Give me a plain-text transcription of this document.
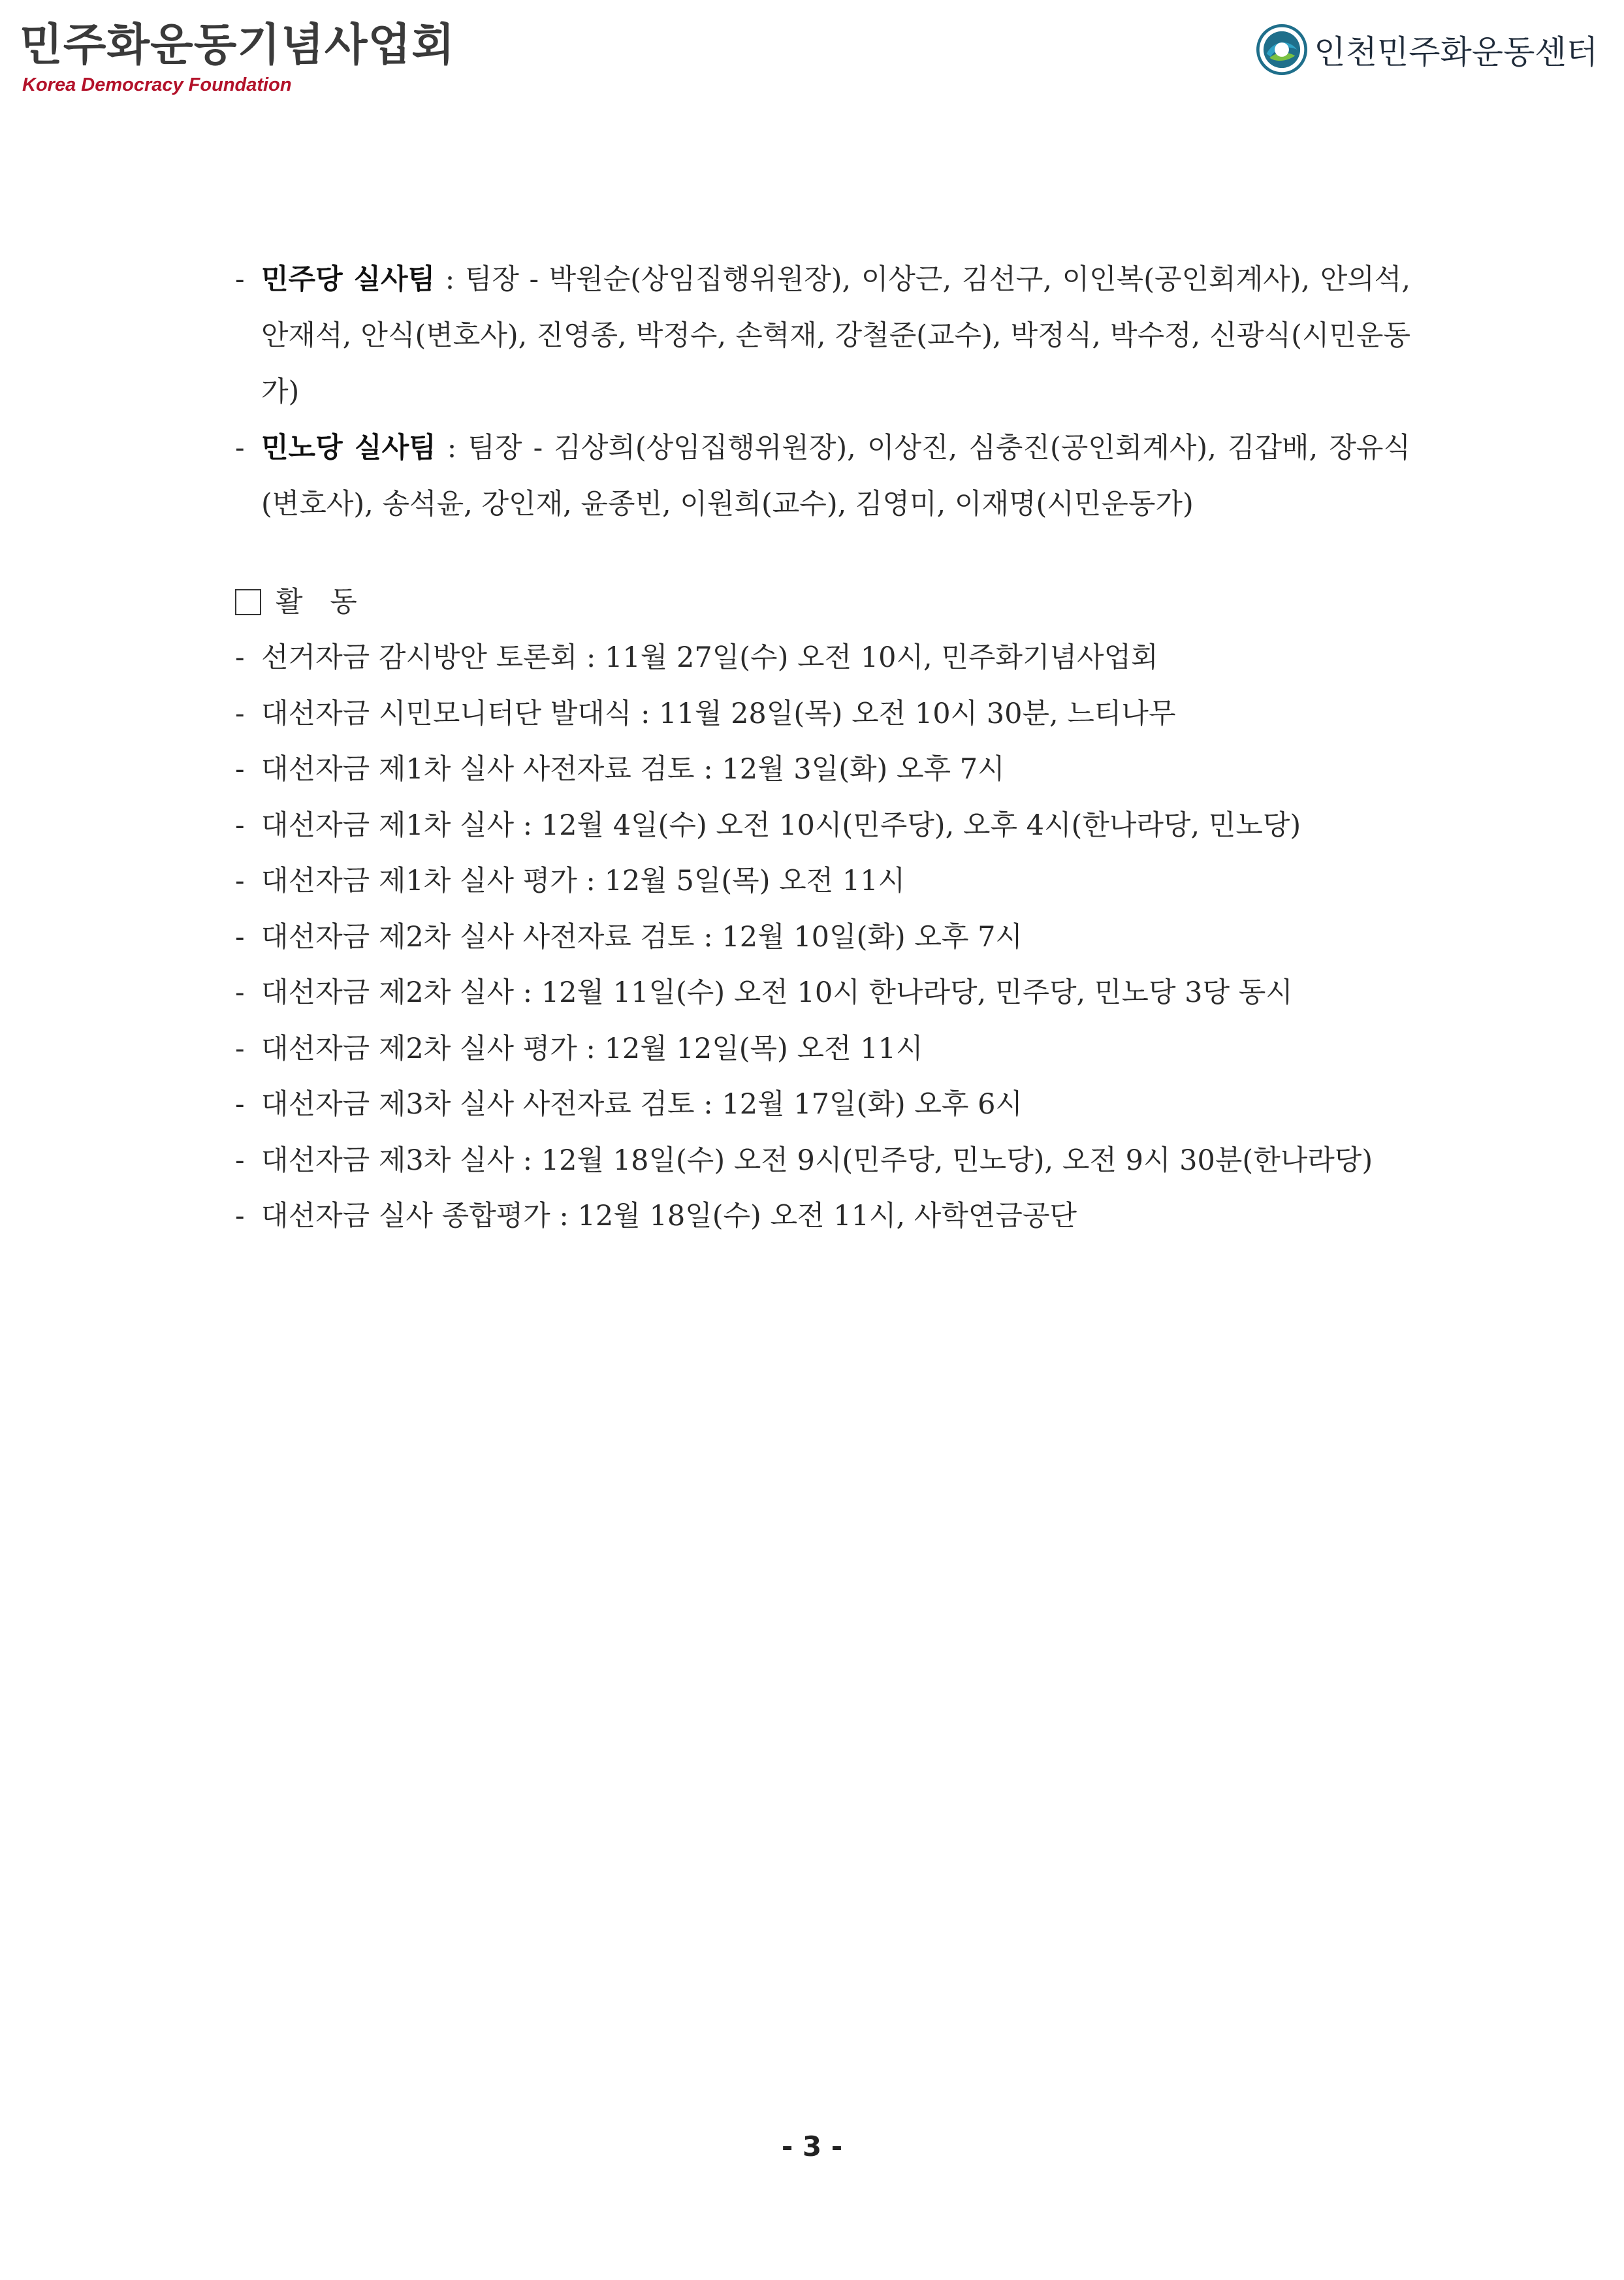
민주화운동기념사업회
Korea Democracy Foundation
인천민주화운동센터
- 민주당 실사팀 : 팀장 - 박원순(상임집행위원장), 이상근, 김선구, 이인복(공인회계사), 안의석, 안재석, 안식(변호사), 진영종, 박정수, 손혁재, 강철준(교수), 박정식, 박수정, 신광식(시민운동가)
- 민노당 실사팀 : 팀장 - 김상희(상임집행위원장), 이상진, 심충진(공인회계사), 김갑배, 장유식(변호사), 송석윤, 강인재, 윤종빈, 이원희(교수), 김영미, 이재명(시민운동가)
활 동
- 선거자금 감시방안 토론회 : 11월 27일(수) 오전 10시, 민주화기념사업회
- 대선자금 시민모니터단 발대식 : 11월 28일(목) 오전 10시 30분, 느티나무
- 대선자금 제1차 실사 사전자료 검토 : 12월 3일(화) 오후 7시
- 대선자금 제1차 실사 : 12월 4일(수) 오전 10시(민주당), 오후 4시(한나라당, 민노당)
- 대선자금 제1차 실사 평가 : 12월 5일(목) 오전 11시
- 대선자금 제2차 실사 사전자료 검토 : 12월 10일(화) 오후 7시
- 대선자금 제2차 실사 : 12월 11일(수) 오전 10시 한나라당, 민주당, 민노당 3당 동시
- 대선자금 제2차 실사 평가 : 12월 12일(목) 오전 11시
- 대선자금 제3차 실사 사전자료 검토 : 12월 17일(화) 오후 6시
- 대선자금 제3차 실사 : 12월 18일(수) 오전 9시(민주당, 민노당), 오전 9시 30분(한나라당)
- 대선자금 실사 종합평가 : 12월 18일(수) 오전 11시, 사학연금공단
- 3 -
